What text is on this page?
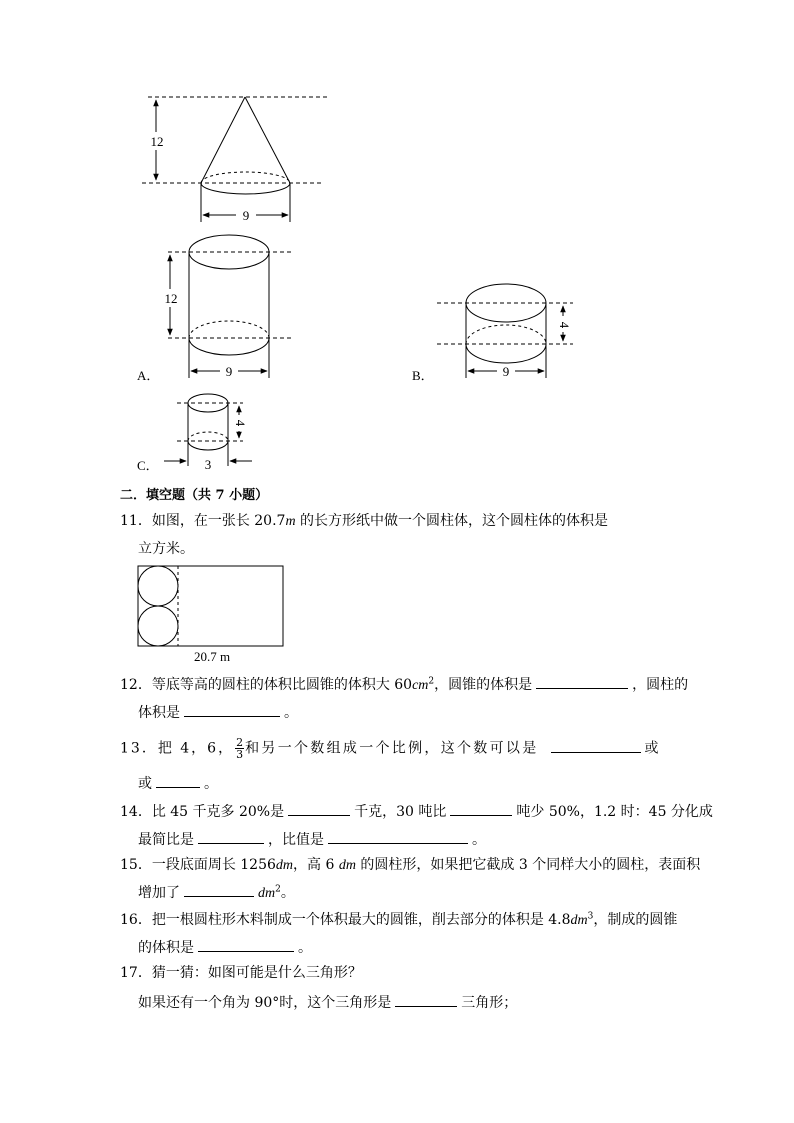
12
9
12
9
A．
4
9
B．
4
3
C．
二．填空题（共 7 小题）
11．如图，在一张长 20.7m 的长方形纸中做一个圆柱体，这个圆柱体的体积是
立方米。
20.7 m
12．等底等高的圆柱的体积比圆锥的体积大 $60cm^2$，圆锥的体积是	，圆柱的
体积是	。
13．把 4，6， $\frac{2}{3}$ 和另一个数组成一个比例，这个数可以是	或
或	。
14．比 45 千克多 20%是	千克，30 吨比	吨少 50%，1.2 时：45 分化成
最简比是	，比值是	。
15．一段底面周长 1256dm，高 6 dm 的圆柱形，如果把它截成 3 个同样大小的圆柱，表面积
增加了	$dm^2$。
16．把一根圆柱形木料制成一个体积最大的圆锥，削去部分的体积是 $4.8dm^3$，制成的圆锥
的体积是	。
17．猜一猜：如图可能是什么三角形？
如果还有一个角为 90°时，这个三角形是	三角形；
